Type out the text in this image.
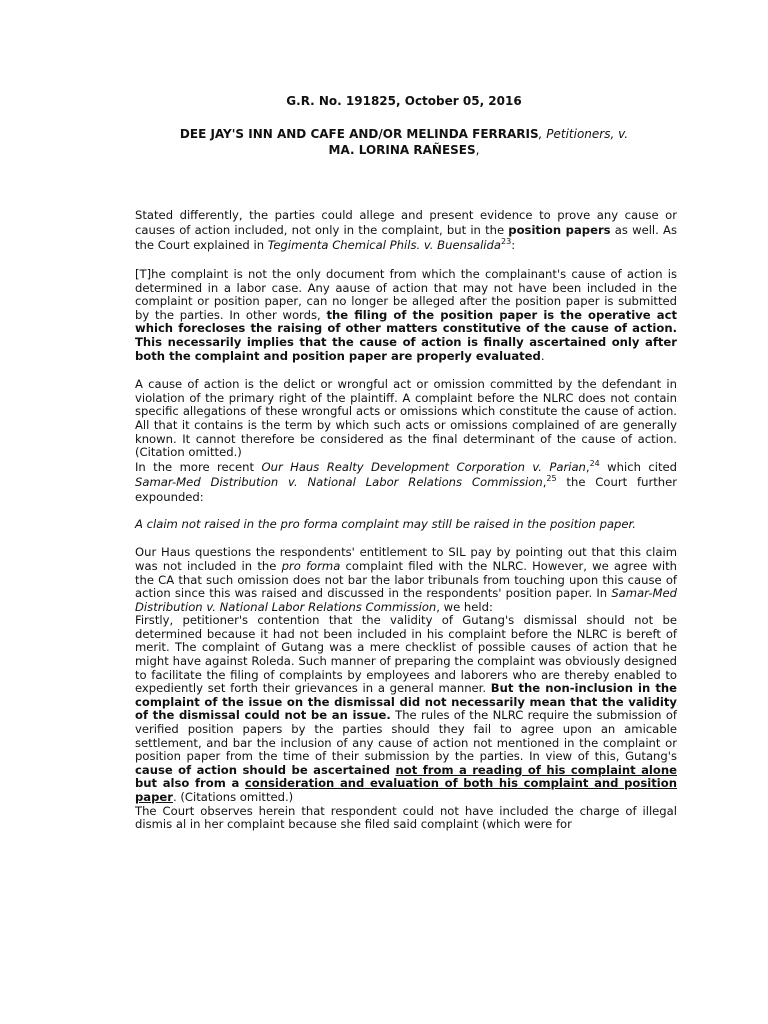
G.R. No. 191825, October 05, 2016
DEE JAY'S INN AND CAFE AND/OR MELINDA FERRARIS, Petitioners, v.
MA. LORINA RAÑESES,

Stated differently, the parties could allege and present evidence to prove any cause or causes of action included, not only in the complaint, but in the position papers as well. As the Court explained in Tegimenta Chemical Phils. v. Buensalida$^{23}$:

[T]he complaint is not the only document from which the complainant's cause of action is determined in a labor case. Any aause of action that may not have been included in the complaint or position paper, can no longer be alleged after the position paper is submitted by the parties. In other words, the filing of the position paper is the operative act which forecloses the raising of other matters constitutive of the cause of action. This necessarily implies that the cause of action is finally ascertained only after both the complaint and position paper are properly evaluated.

A cause of action is the delict or wrongful act or omission committed by the defendant in violation of the primary right of the plaintiff. A complaint before the NLRC does not contain specific allegations of these wrongful acts or omissions which constitute the cause of action. All that it contains is the term by which such acts or omissions complained of are generally known. It cannot therefore be considered as the final determinant of the cause of action. (Citation omitted.)

In the more recent Our Haus Realty Development Corporation v. Parian,$^{24}$ which cited Samar-Med Distribution v. National Labor Relations Commission,$^{25}$ the Court further expounded:

A claim not raised in the pro forma complaint may still be raised in the position paper.

Our Haus questions the respondents' entitlement to SIL pay by pointing out that this claim was not included in the pro forma complaint filed with the NLRC. However, we agree with the CA that such omission does not bar the labor tribunals from touching upon this cause of action since this was raised and discussed in the respondents' position paper. In Samar-Med Distribution v. National Labor Relations Commission, we held:

Firstly, petitioner's contention that the validity of Gutang's dismissal should not be determined because it had not been included in his complaint before the NLRC is bereft of merit. The complaint of Gutang was a mere checklist of possible causes of action that he might have against Roleda. Such manner of preparing the complaint was obviously designed to facilitate the filing of complaints by employees and laborers who are thereby enabled to expediently set forth their grievances in a general manner. But the non-inclusion in the complaint of the issue on the dismissal did not necessarily mean that the validity of the dismissal could not be an issue. The rules of the NLRC require the submission of verified position papers by the parties should they fail to agree upon an amicable settlement, and bar the inclusion of any cause of action not mentioned in the complaint or position paper from the time of their submission by the parties. In view of this, Gutang's cause of action should be ascertained not from a reading of his complaint alone but also from a consideration and evaluation of both his complaint and position paper. (Citations omitted.)

The Court observes herein that respondent could not have included the charge of illegal dismis al in her complaint because she filed said complaint (which were for
